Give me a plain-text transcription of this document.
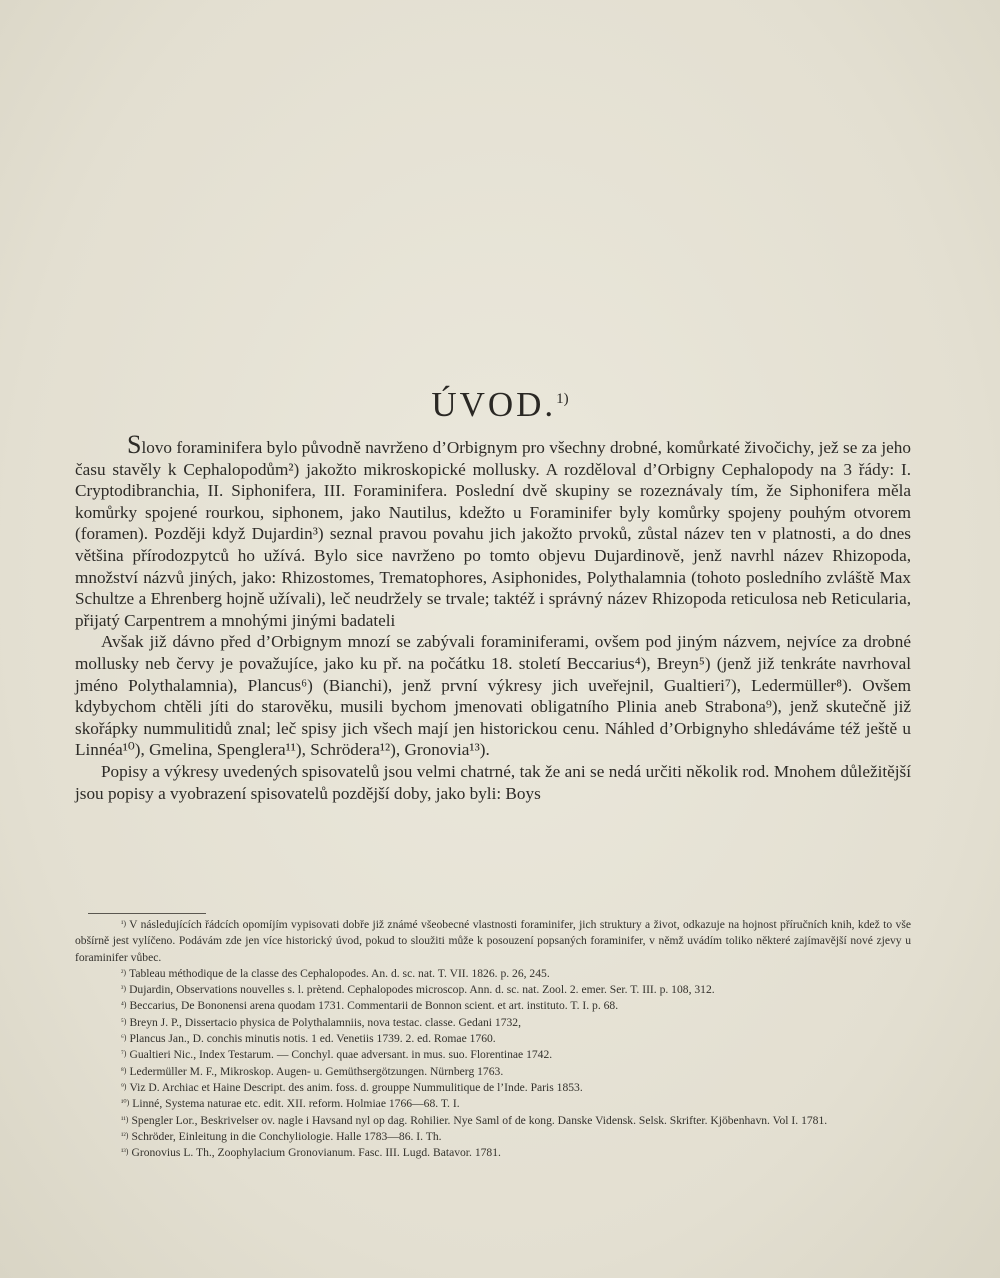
ÚVOD.$^{1)}$

Slovo foraminifera bylo původně navrženo d’Orbignym pro všechny drobné, komůrkaté živočichy, jež se za jeho času stavěly k Cephalopodům²) jakožto mikroskopické mollusky. A rozděloval d’Orbigny Cephalopody na 3 řády: I. Cryptodibranchia, II. Siphonifera, III. Foraminifera. Poslední dvě skupiny se rozeznávaly tím, že Siphonifera měla komůrky spojené rourkou, siphonem, jako Nautilus, kdežto u Foraminifer byly komůrky spojeny pouhým otvorem (foramen). Později když Dujardin³) seznal pravou povahu jich jakožto prvoků, zůstal název ten v platnosti, a do dnes většina přírodozpytců ho užívá. Bylo sice navrženo po tomto objevu Dujardinově, jenž navrhl název Rhizopoda, množství názvů jiných, jako: Rhizostomes, Trematophores, Asiphonides, Polythalamnia (tohoto posledního zvláště Max Schultze a Ehrenberg hojně užívali), leč neudržely se trvale; taktéž i správný název Rhizopoda reticulosa neb Reticularia, přijatý Carpentrem a mnohými jinými badateli

Avšak již dávno před d’Orbignym mnozí se zabývali foraminiferami, ovšem pod jiným názvem, nejvíce za drobné mollusky neb červy je považujíce, jako ku př. na počátku 18. století Beccarius⁴), Breyn⁵) (jenž již tenkráte navrhoval jméno Polythalamnia), Plancus⁶) (Bianchi), jenž první výkresy jich uveřejnil, Gualtieri⁷), Ledermüller⁸). Ovšem kdybychom chtěli jíti do starověku, musili bychom jmenovati obligatního Plinia aneb Strabona⁹), jenž skutečně již skořápky nummulitidů znal; leč spisy jich všech mají jen historickou cenu. Náhled d’Orbignyho shledáváme též ještě u Linnéa¹⁰), Gmelina, Spenglera¹¹), Schrödera¹²), Gronovia¹³).

Popisy a výkresy uvedených spisovatelů jsou velmi chatrné, tak že ani se nedá určiti několik rod. Mnohem důležitější jsou popisy a vyobrazení spisovatelů pozdější doby, jako byli: Boys

$^{^1)}$ V následujících řádcích opomíjím vypisovati dobře již známé všeobecné vlastnosti foraminifer, jich struktury a život, odkazuje na hojnost příručních knih, kdež to vše obšírně jest vylíčeno. Podávám zde jen více historický úvod, pokud to sloužiti může k posouzení popsaných foraminifer, v němž uvádím toliko některé zajímavější nové zjevy u foraminifer vůbec.

$^{^2)}$ Tableau méthodique de la classe des Cephalopodes. An. d. sc. nat. T. VII. 1826. p. 26, 245.

$^{^3)}$ Dujardin, Observations nouvelles s. l. prètend. Cephalopodes microscop. Ann. d. sc. nat. Zool. 2. emer. Ser. T. III. p. 108, 312.

$^{^4)}$ Beccarius, De Bononensi arena quodam 1731. Commentarii de Bonnon scient. et art. instituto. T. I. p. 68.

$^{^5)}$ Breyn J. P., Dissertacio physica de Polythalamniis, nova testac. classe. Gedani 1732,

$^{^6)}$ Plancus Jan., D. conchis minutis notis. 1 ed. Venetiis 1739. 2. ed. Romae 1760.

$^{^7)}$ Gualtieri Nic., Index Testarum. — Conchyl. quae adversant. in mus. suo. Florentinae 1742.

$^{^8)}$ Ledermüller M. F., Mikroskop. Augen- u. Gemüthsergötzungen. Nürnberg 1763.

$^{^9)}$ Viz D. Archiac et Haine Descript. des anim. foss. d. grouppe Nummulitique de l’Inde. Paris 1853.

$^{^{10})}$ Linné, Systema naturae etc. edit. XII. reform. Holmiae 1766—68. T. I.

$^{^{11})}$ Spengler Lor., Beskrivelser ov. nagle i Havsand nyl op dag. Rohilier. Nye Saml of de kong. Danske Vidensk. Selsk. Skrifter. Kjöbenhavn. Vol I. 1781.

$^{^{12})}$ Schröder, Einleitung in die Conchyliologie. Halle 1783—86. I. Th.

$^{^{13})}$ Gronovius L. Th., Zoophylacium Gronovianum. Fasc. III. Lugd. Batavor. 1781.
